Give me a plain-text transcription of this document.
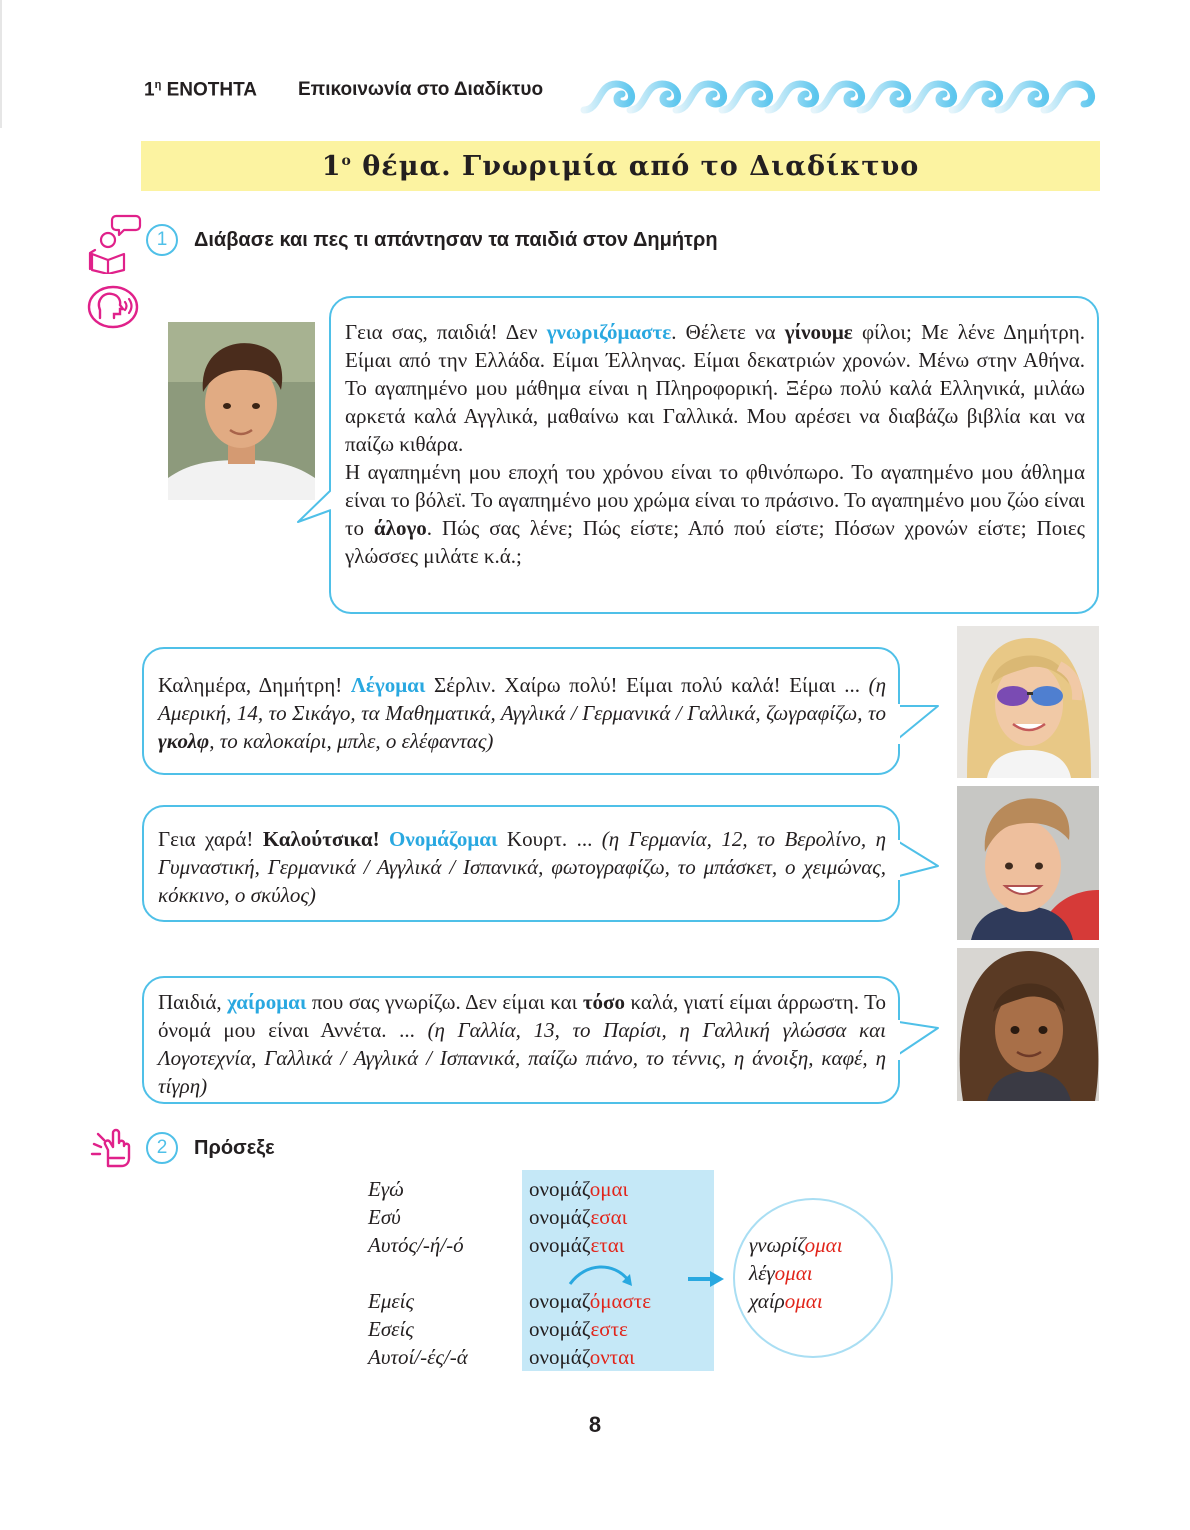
$1^\eta$ ΕΝΟΤΗΤΑ Επικοινωνία στο Διαδίκτυο
$1^o$ θέμα. Γνωριμία από το Διαδίκτυο
1	Διάβασε και πες τι απάντησαν τα παιδιά στον Δημήτρη

Γεια σας, παιδιά! Δεν γνωριζόμαστε. Θέλετε να γίνουμε φίλοι; Με λένε Δημήτρη. Είμαι από την Ελλάδα. Είμαι Έλληνας. Είμαι δεκατριών χρονών. Μένω στην Αθήνα. Το αγαπημένο μου μάθημα είναι η Πληροφορική. Ξέρω πολύ καλά Ελληνικά, μιλάω αρκετά καλά Αγγλικά, μαθαίνω και Γαλλικά. Μου αρέσει να διαβάζω βιβλία και να παίζω κιθάρα.

Η αγαπημένη μου εποχή του χρόνου είναι το φθινόπωρο. Το αγαπημένο μου άθλημα είναι το βόλεϊ. Το αγαπημένο μου χρώμα είναι το πράσινο. Το αγαπημένο μου ζώο είναι το άλογο. Πώς σας λένε; Πώς είστε; Από πού είστε; Πόσων χρονών είστε; Ποιες γλώσσες μιλάτε κ.ά.;

Καλημέρα, Δημήτρη! Λέγομαι Σέρλιν. Χαίρω πολύ! Είμαι πολύ καλά! Είμαι ... (η Αμερική, 14, το Σικάγο, τα Μαθηματικά, Αγγλικά / Γερμανικά / Γαλλικά, ζωγραφίζω, το γκολφ, το καλοκαίρι, μπλε, ο ελέφαντας)

Γεια χαρά! Καλούτσικα! Ονομάζομαι Κουρτ. ... (η Γερμανία, 12, το Βερολίνο, η Γυμναστική, Γερμανικά / Αγγλικά / Ισπανικά, φωτογραφίζω, το μπάσκετ, ο χειμώνας, κόκκινο, ο σκύλος)

Παιδιά, χαίρομαι που σας γνωρίζω. Δεν είμαι και τόσο καλά, γιατί είμαι άρρωστη. Το όνομά μου είναι Αννέτα. ... (η Γαλλία, 13, το Παρίσι, η Γαλλική γλώσσα και Λογοτεχνία, Γαλλικά / Αγγλικά / Ισπανικά, παίζω πιάνο, το τέννις, η άνοιξη, καφέ, η τίγρη)

2	Πρόσεξε
Εγώ
Εσύ
Αυτός/-ή/-ό
Εμείς
Εσείς
Αυτοί/-ές/-ά
ονομάζομαι
ονομάζεσαι
ονομάζεται
ονομαζόμαστε
ονομάζεστε
ονομάζονται
γνωρίζομαι
λέγομαι
χαίρομαι
8
